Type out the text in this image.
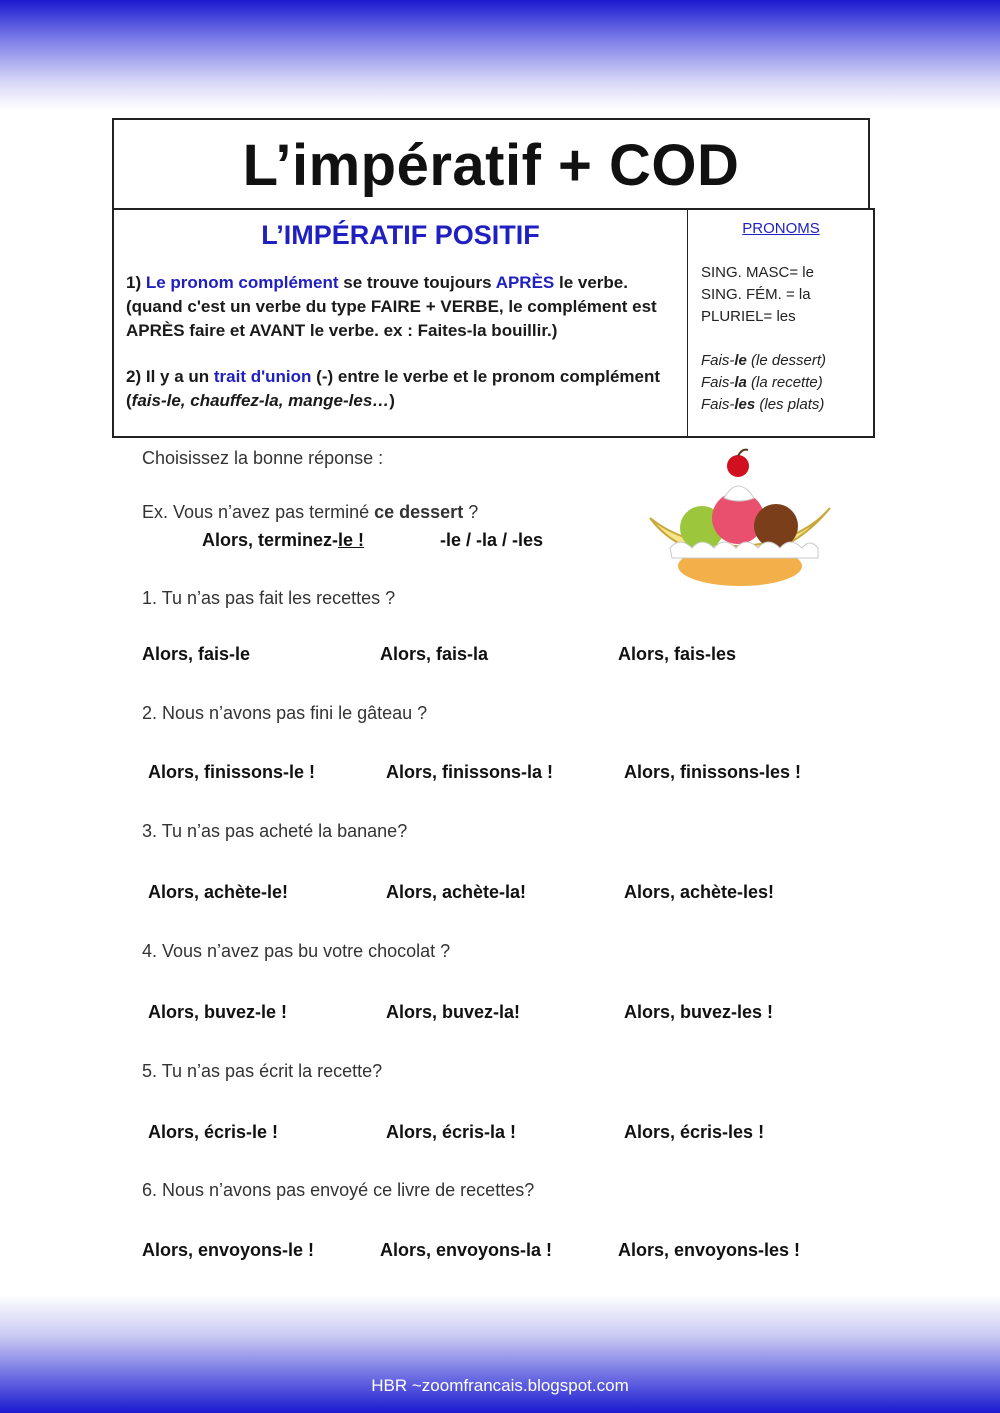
L’impératif + COD
L’IMPÉRATIF POSITIF

1) Le pronom complément se trouve toujours APRÈS le verbe. (quand c'est un verbe du type FAIRE + VERBE, le complément est APRÈS faire et AVANT le verbe. ex : Faites-la bouillir.)

2) Il y a un trait d'union (-) entre le verbe et le pronom complément (fais-le, chauffez-la, mange-les…)

PRONOMS
SING. MASC= le
SING. FÉM. = la
PLURIEL= les
Fais-le (le dessert)
Fais-la (la recette)
Fais-les (les plats)
Choisissez la bonne réponse :
Ex. Vous n’avez pas terminé ce dessert ?
Alors, terminez-le !	-le / -la / -les
1. Tu n’as pas fait les recettes ?
Alors, fais-le	Alors, fais-la	Alors, fais-les
2. Nous n’avons pas fini le gâteau ?
Alors, finissons-le !	Alors, finissons-la !	Alors, finissons-les !
3. Tu n’as pas acheté la banane?
Alors, achète-le!	Alors, achète-la!	Alors, achète-les!
4. Vous n’avez pas bu votre chocolat ?
Alors, buvez-le !	Alors, buvez-la!	Alors, buvez-les !
5. Tu n’as pas écrit la recette?
Alors, écris-le !	Alors, écris-la !	Alors, écris-les !
6. Nous n’avons pas envoyé ce livre de recettes?
Alors, envoyons-le !	Alors, envoyons-la !	Alors, envoyons-les !
HBR ~zoomfrancais.blogspot.com
